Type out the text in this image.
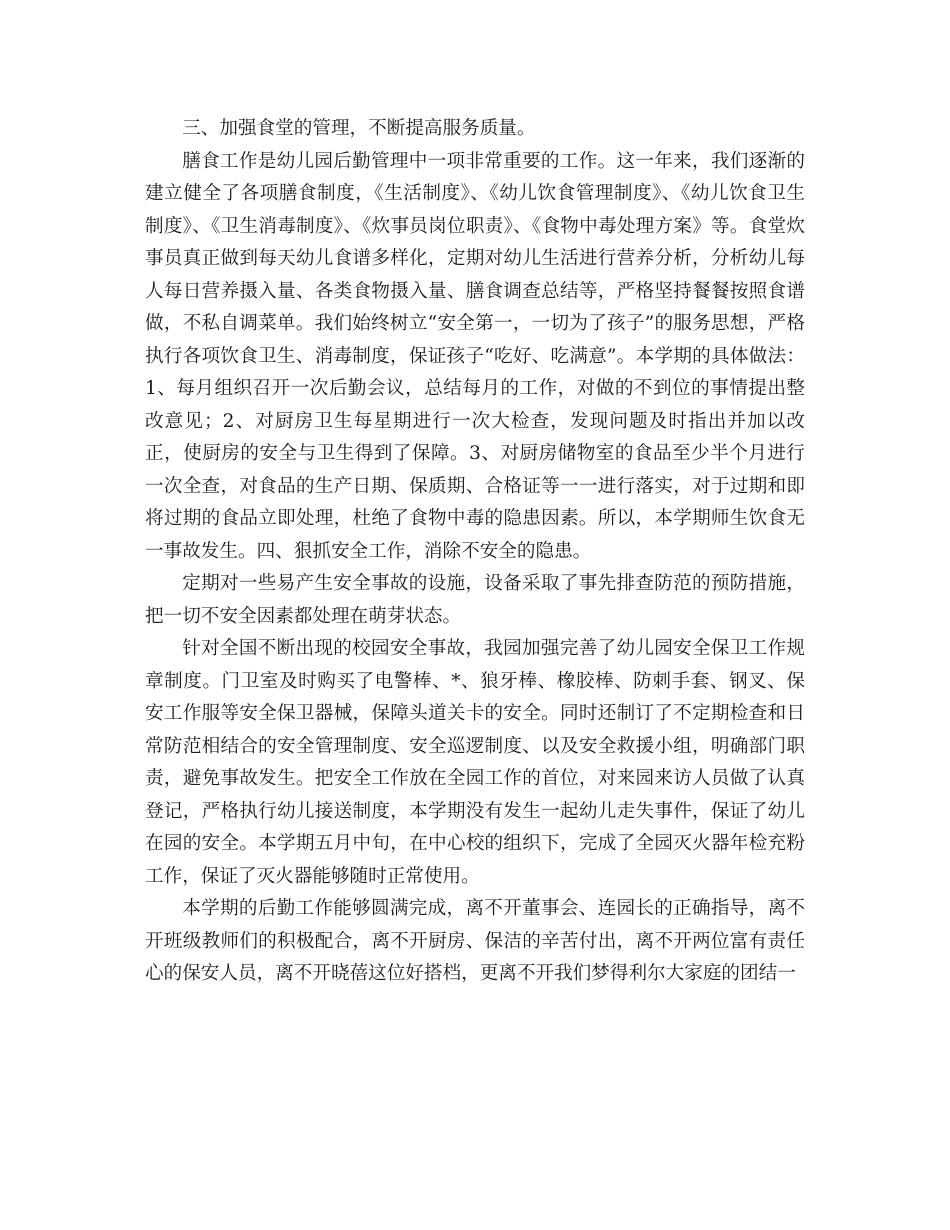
三、加强食堂的管理，不断提高服务质量。

膳食工作是幼儿园后勤管理中一项非常重要的工作。这一年来，我们逐渐的建立健全了各项膳食制度，《生活制度》、《幼儿饮食管理制度》、《幼儿饮食卫生制度》、《卫生消毒制度》、《炊事员岗位职责》、《食物中毒处理方案》等。食堂炊事员真正做到每天幼儿食谱多样化，定期对幼儿生活进行营养分析，分析幼儿每人每日营养摄入量、各类食物摄入量、膳食调查总结等，严格坚持餐餐按照食谱做，不私自调菜单。我们始终树立“安全第一，一切为了孩子”的服务思想，严格执行各项饮食卫生、消毒制度，保证孩子“吃好、吃满意”。本学期的具体做法：1、每月组织召开一次后勤会议，总结每月的工作，对做的不到位的事情提出整改意见；2、对厨房卫生每星期进行一次大检查，发现问题及时指出并加以改正，使厨房的安全与卫生得到了保障。3、对厨房储物室的食品至少半个月进行一次全查，对食品的生产日期、保质期、合格证等一一进行落实，对于过期和即将过期的食品立即处理，杜绝了食物中毒的隐患因素。所以，本学期师生饮食无一事故发生。四、狠抓安全工作，消除不安全的隐患。

定期对一些易产生安全事故的设施，设备采取了事先排查防范的预防措施，把一切不安全因素都处理在萌芽状态。

针对全国不断出现的校园安全事故，我园加强完善了幼儿园安全保卫工作规章制度。门卫室及时购买了电警棒、*、狼牙棒、橡胶棒、防刺手套、钢叉、保安工作服等安全保卫器械，保障头道关卡的安全。同时还制订了不定期检查和日常防范相结合的安全管理制度、安全巡逻制度、以及安全救援小组，明确部门职责，避免事故发生。把安全工作放在全园工作的首位，对来园来访人员做了认真登记，严格执行幼儿接送制度，本学期没有发生一起幼儿走失事件，保证了幼儿在园的安全。本学期五月中旬，在中心校的组织下，完成了全园灭火器年检充粉工作，保证了灭火器能够随时正常使用。

本学期的后勤工作能够圆满完成，离不开董事会、连园长的正确指导，离不开班级教师们的积极配合，离不开厨房、保洁的辛苦付出，离不开两位富有责任心的保安人员，离不开晓蓓这位好搭档，更离不开我们梦得利尔大家庭的团结一
